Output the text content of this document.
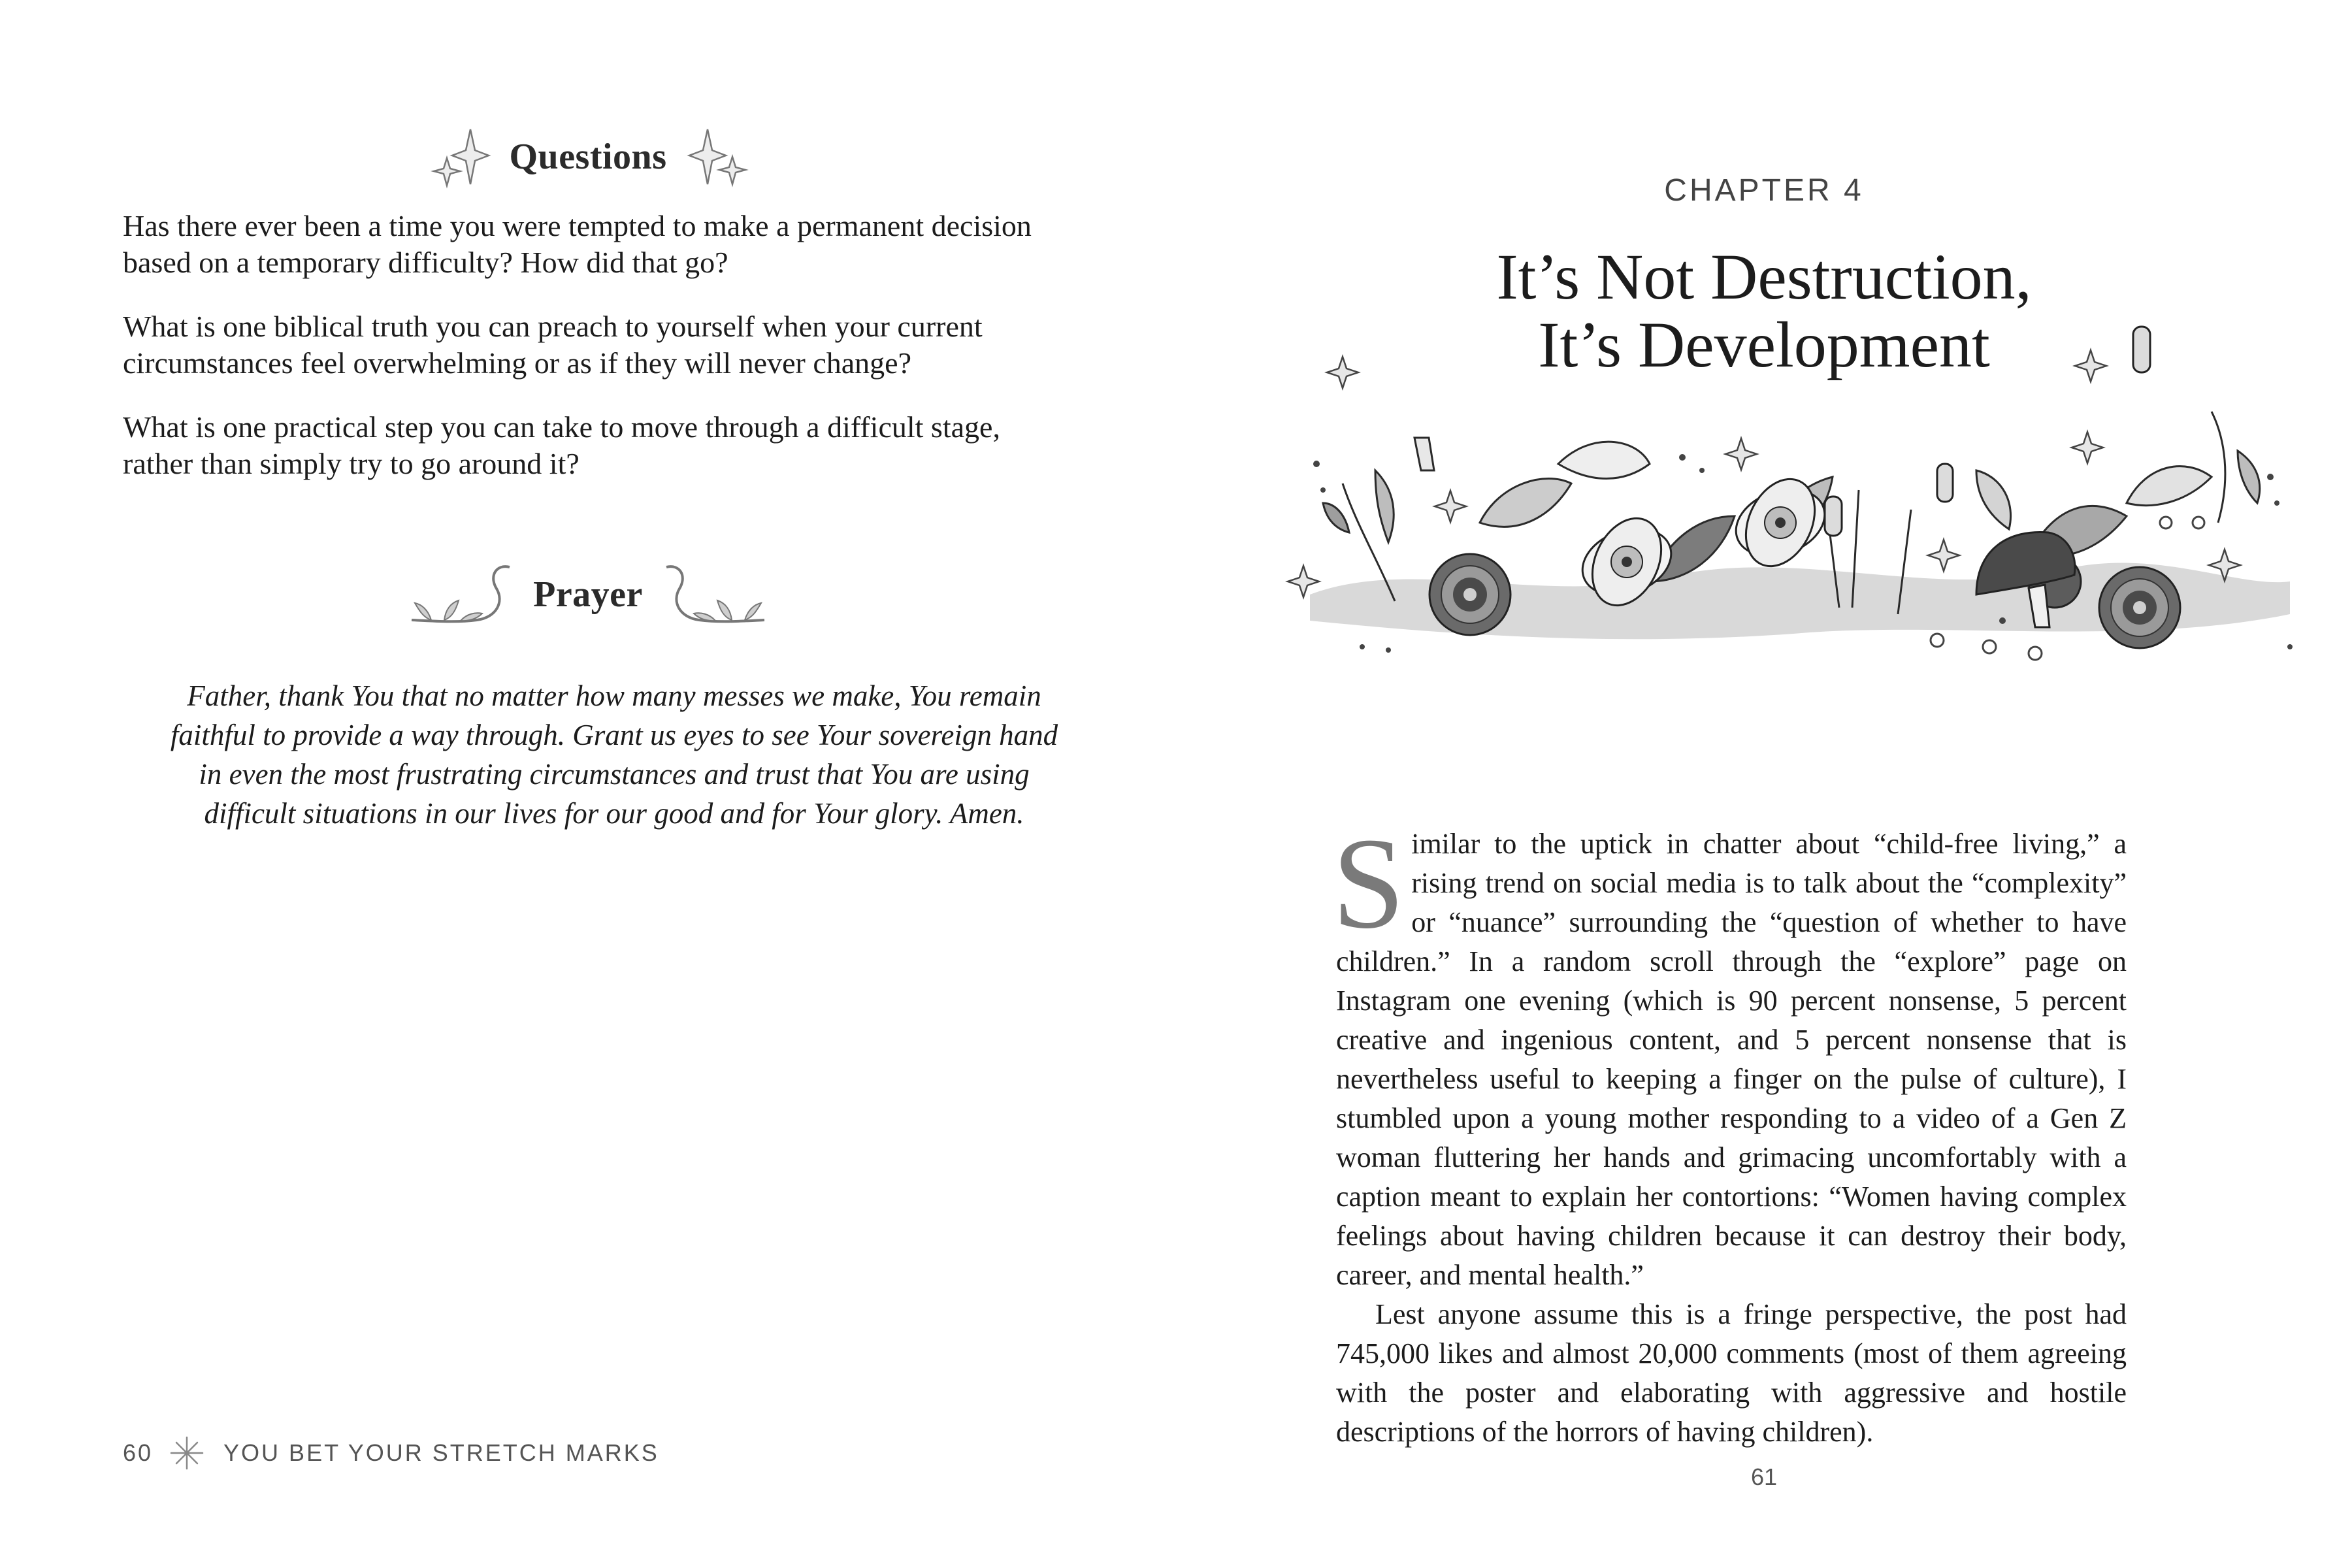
Questions

Has there ever been a time you were tempted to make a permanent decision based on a temporary difficulty? How did that go?

What is one biblical truth you can preach to yourself when your current circumstances feel overwhelming or as if they will never change?

What is one practical step you can take to move through a difficult stage, rather than simply try to go around it?

Prayer

Father, thank You that no matter how many messes we make, You remain faithful to provide a way through. Grant us eyes to see Your sovereign hand in even the most frustrating circumstances and trust that You are using difficult situations in our lives for our good and for Your glory. Amen.

60	YOU BET YOUR STRETCH MARKS
CHAPTER 4
It’s Not Destruction,
It’s Development

Similar to the uptick in chatter about “child-free living,” a rising trend on social media is to talk about the “complexity” or “nuance” surrounding the “question of whether to have children.” In a random scroll through the “explore” page on Instagram one evening (which is 90 percent nonsense, 5 percent creative and ingenious content, and 5 percent nonsense that is nevertheless useful to keeping a finger on the pulse of culture), I stumbled upon a young mother responding to a video of a Gen Z woman fluttering her hands and grimacing uncomfortably with a caption meant to explain her contortions: “Women having complex feelings about having children because it can destroy their body, career, and mental health.”

Lest anyone assume this is a fringe perspective, the post had 745,000 likes and almost 20,000 comments (most of them agreeing with the poster and elaborating with aggressive and hostile descriptions of the horrors of having children).

61
